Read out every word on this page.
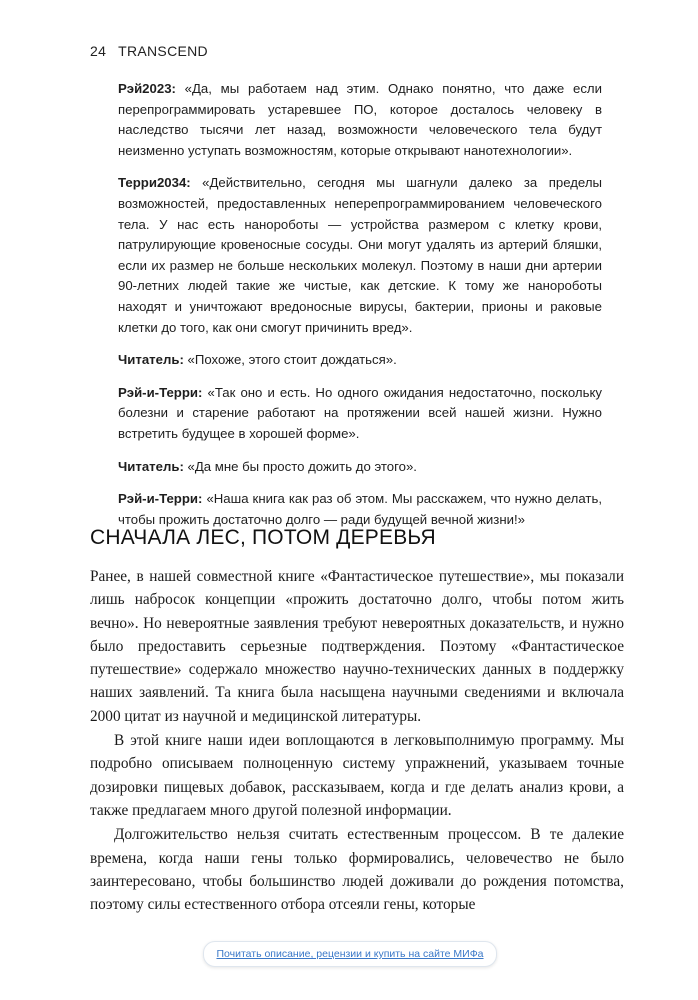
24 TRANSCEND

Рэй2023: «Да, мы работаем над этим. Однако понятно, что даже если перепрограммировать устаревшее ПО, которое досталось человеку в наследство тысячи лет назад, возможности человеческого тела будут неизменно уступать возможностям, которые открывают нанотехнологии».

Терри2034: «Действительно, сегодня мы шагнули далеко за пределы возможностей, предоставленных неперепрограммированием человеческого тела. У нас есть нанороботы — устройства размером с клетку крови, патрулирующие кровеносные сосуды. Они могут удалять из артерий бляшки, если их размер не больше нескольких молекул. Поэтому в наши дни артерии 90-летних людей такие же чистые, как детские. К тому же нанороботы находят и уничтожают вредоносные вирусы, бактерии, прионы и раковые клетки до того, как они смогут причинить вред».

Читатель: «Похоже, этого стоит дождаться».

Рэй-и-Терри: «Так оно и есть. Но одного ожидания недостаточно, поскольку болезни и старение работают на протяжении всей нашей жизни. Нужно встретить будущее в хорошей форме».

Читатель: «Да мне бы просто дожить до этого».

Рэй-и-Терри: «Наша книга как раз об этом. Мы расскажем, что нужно делать, чтобы прожить достаточно долго — ради будущей вечной жизни!»

СНАЧАЛА ЛЕС, ПОТОМ ДЕРЕВЬЯ

Ранее, в нашей совместной книге «Фантастическое путешествие», мы показали лишь набросок концепции «прожить достаточно долго, чтобы потом жить вечно». Но невероятные заявления требуют невероятных доказательств, и нужно было предоставить серьезные подтверждения. Поэтому «Фантастическое путешествие» содержало множество научно-технических данных в поддержку наших заявлений. Та книга была насыщена научными сведениями и включала 2000 цитат из научной и медицинской литературы.

В этой книге наши идеи воплощаются в легковыполнимую программу. Мы подробно описываем полноценную систему упражнений, указываем точные дозировки пищевых добавок, рассказываем, когда и где делать анализ крови, а также предлагаем много другой полезной информации.

Долгожительство нельзя считать естественным процессом. В те далекие времена, когда наши гены только формировались, человечество не было заинтересовано, чтобы большинство людей доживали до рождения потомства, поэтому силы естественного отбора отсеяли гены, которые

Почитать описание, рецензии и купить на сайте МИФа
